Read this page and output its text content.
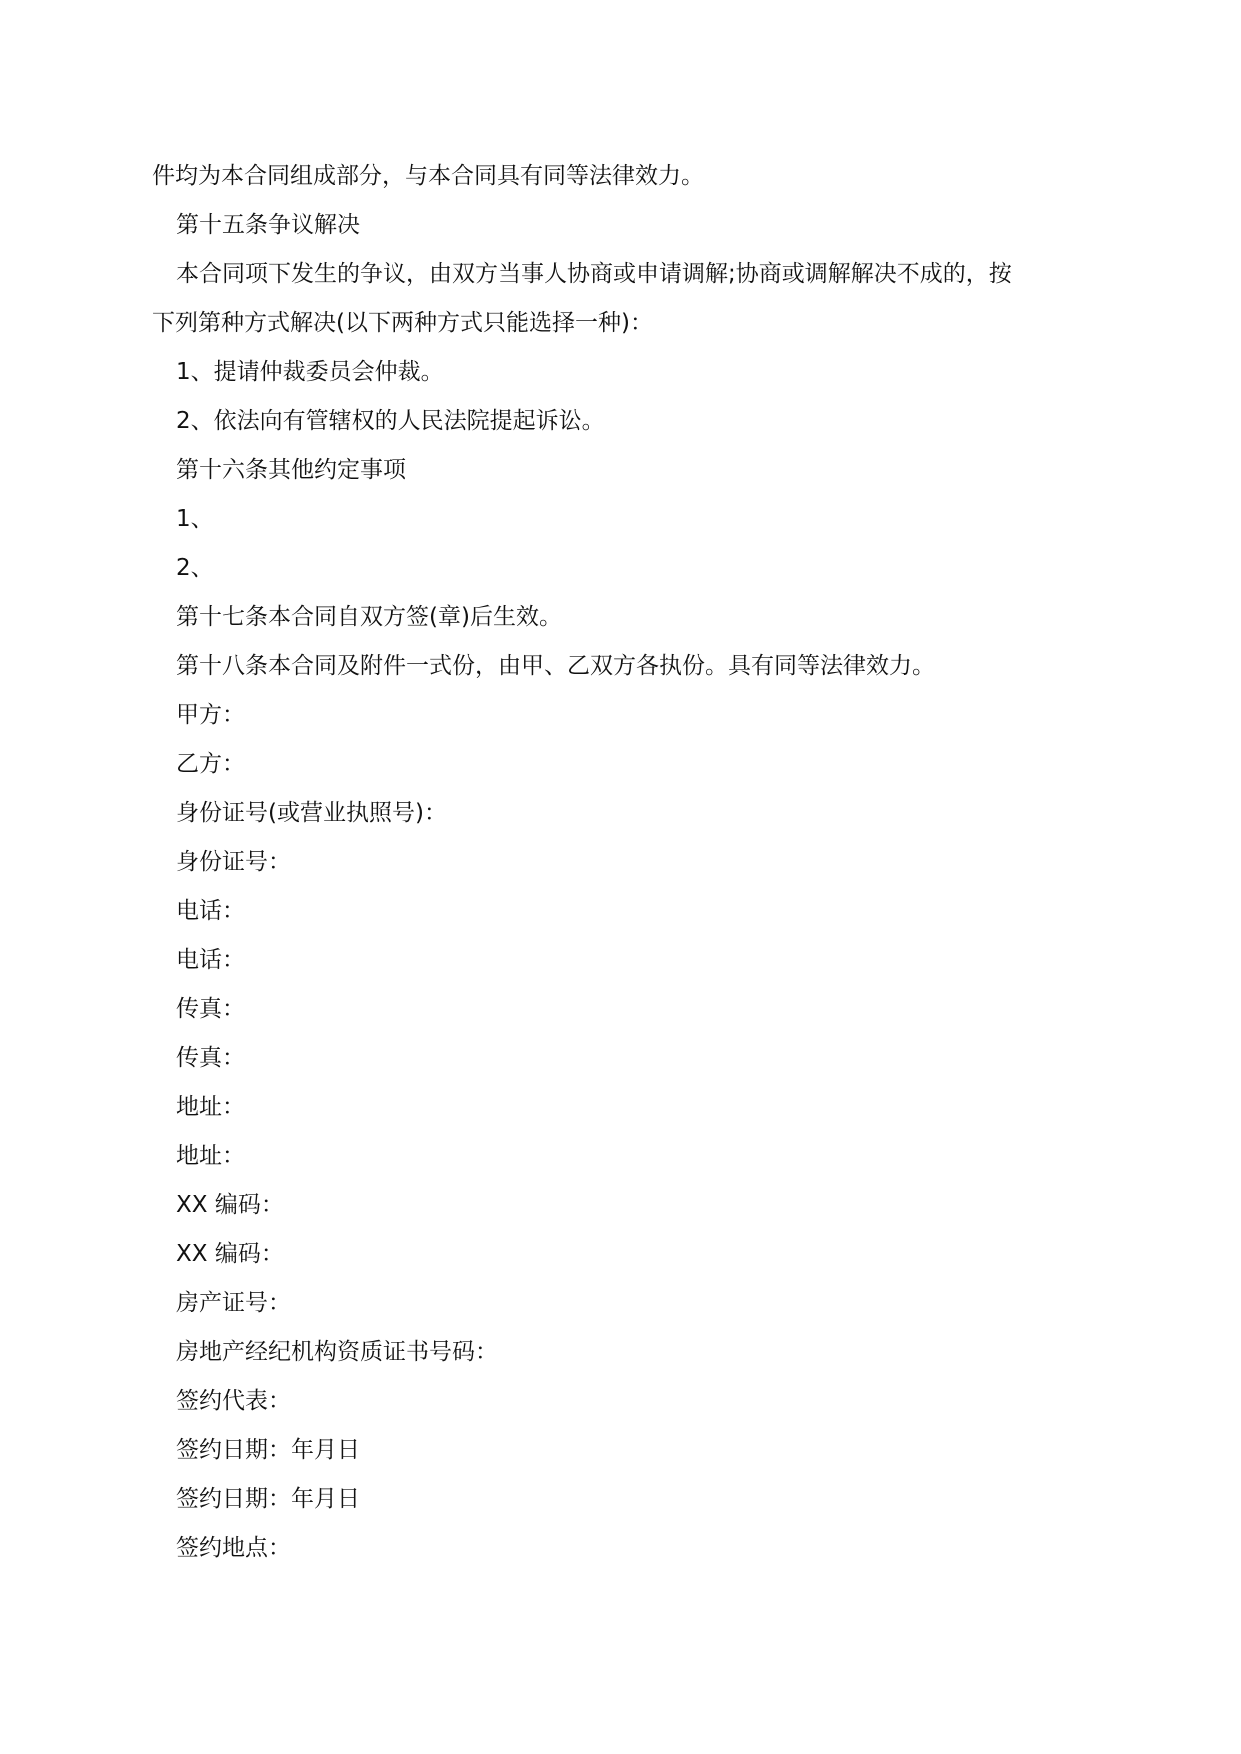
件均为本合同组成部分，与本合同具有同等法律效力。

第十五条争议解决

本合同项下发生的争议，由双方当事人协商或申请调解;协商或调解解决不成的，按

下列第种方式解决(以下两种方式只能选择一种)：

1、提请仲裁委员会仲裁。

2、依法向有管辖权的人民法院提起诉讼。

第十六条其他约定事项

1、

2、

第十七条本合同自双方签(章)后生效。

第十八条本合同及附件一式份，由甲、乙双方各执份。具有同等法律效力。

甲方：

乙方：

身份证号(或营业执照号)：

身份证号：

电话：

电话：

传真：

传真：

地址：

地址：

XX 编码：

XX 编码：

房产证号：

房地产经纪机构资质证书号码：

签约代表：

签约日期：年月日

签约日期：年月日

签约地点：
